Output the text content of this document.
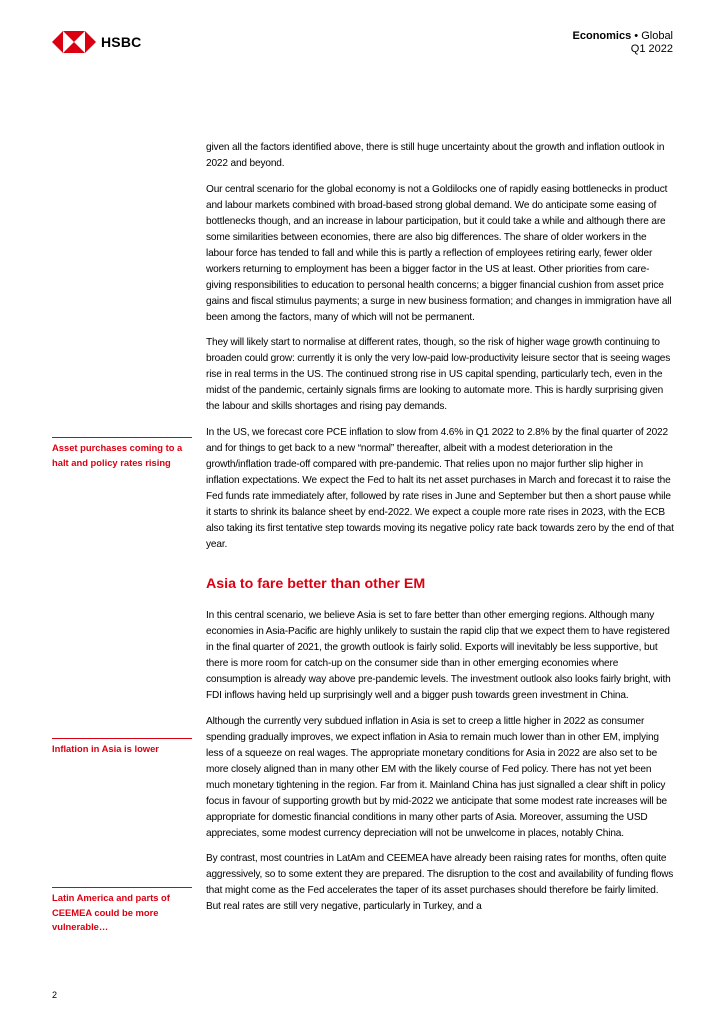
HSBC	Economics • Global
Q1 2022
Asset purchases coming to a halt and policy rates rising
Inflation in Asia is lower
Latin America and parts of CEEMEA could be more vulnerable…

given all the factors identified above, there is still huge uncertainty about the growth and inflation outlook in 2022 and beyond.

Our central scenario for the global economy is not a Goldilocks one of rapidly easing bottlenecks in product and labour markets combined with broad-based strong global demand. We do anticipate some easing of bottlenecks though, and an increase in labour participation, but it could take a while and although there are some similarities between economies, there are also big differences. The share of older workers in the labour force has tended to fall and while this is partly a reflection of employees retiring early, fewer older workers returning to employment has been a bigger factor in the US at least. Other priorities from care-giving responsibilities to education to personal health concerns; a bigger financial cushion from asset price gains and fiscal stimulus payments; a surge in new business formation; and changes in immigration have all been among the factors, many of which will not be permanent.

They will likely start to normalise at different rates, though, so the risk of higher wage growth continuing to broaden could grow: currently it is only the very low-paid low-productivity leisure sector that is seeing wages rise in real terms in the US. The continued strong rise in US capital spending, particularly tech, even in the midst of the pandemic, certainly signals firms are looking to automate more. This is hardly surprising given the labour and skills shortages and rising pay demands.

In the US, we forecast core PCE inflation to slow from 4.6% in Q1 2022 to 2.8% by the final quarter of 2022 and for things to get back to a new “normal” thereafter, albeit with a modest deterioration in the growth/inflation trade-off compared with pre-pandemic. That relies upon no major further slip higher in inflation expectations. We expect the Fed to halt its net asset purchases in March and forecast it to raise the Fed funds rate immediately after, followed by rate rises in June and September but then a short pause while it starts to shrink its balance sheet by end-2022. We expect a couple more rate rises in 2023, with the ECB also taking its first tentative step towards moving its negative policy rate back towards zero by the end of that year.

Asia to fare better than other EM

In this central scenario, we believe Asia is set to fare better than other emerging regions. Although many economies in Asia-Pacific are highly unlikely to sustain the rapid clip that we expect them to have registered in the final quarter of 2021, the growth outlook is fairly solid. Exports will inevitably be less supportive, but there is more room for catch-up on the consumer side than in other emerging economies where consumption is already way above pre-pandemic levels. The investment outlook also looks fairly bright, with FDI inflows having held up surprisingly well and a bigger push towards green investment in China.

Although the currently very subdued inflation in Asia is set to creep a little higher in 2022 as consumer spending gradually improves, we expect inflation in Asia to remain much lower than in other EM, implying less of a squeeze on real wages. The appropriate monetary conditions for Asia in 2022 are also set to be more closely aligned than in many other EM with the likely course of Fed policy. There has not yet been much monetary tightening in the region. Far from it. Mainland China has just signalled a clear shift in policy focus in favour of supporting growth but by mid-2022 we anticipate that some modest rate increases will be appropriate for domestic financial conditions in many other parts of Asia. Moreover, assuming the USD appreciates, some modest currency depreciation will not be unwelcome in places, notably China.

By contrast, most countries in LatAm and CEEMEA have already been raising rates for months, often quite aggressively, so to some extent they are prepared. The disruption to the cost and availability of funding flows that might come as the Fed accelerates the taper of its asset purchases should therefore be fairly limited. But real rates are still very negative, particularly in Turkey, and a

2
